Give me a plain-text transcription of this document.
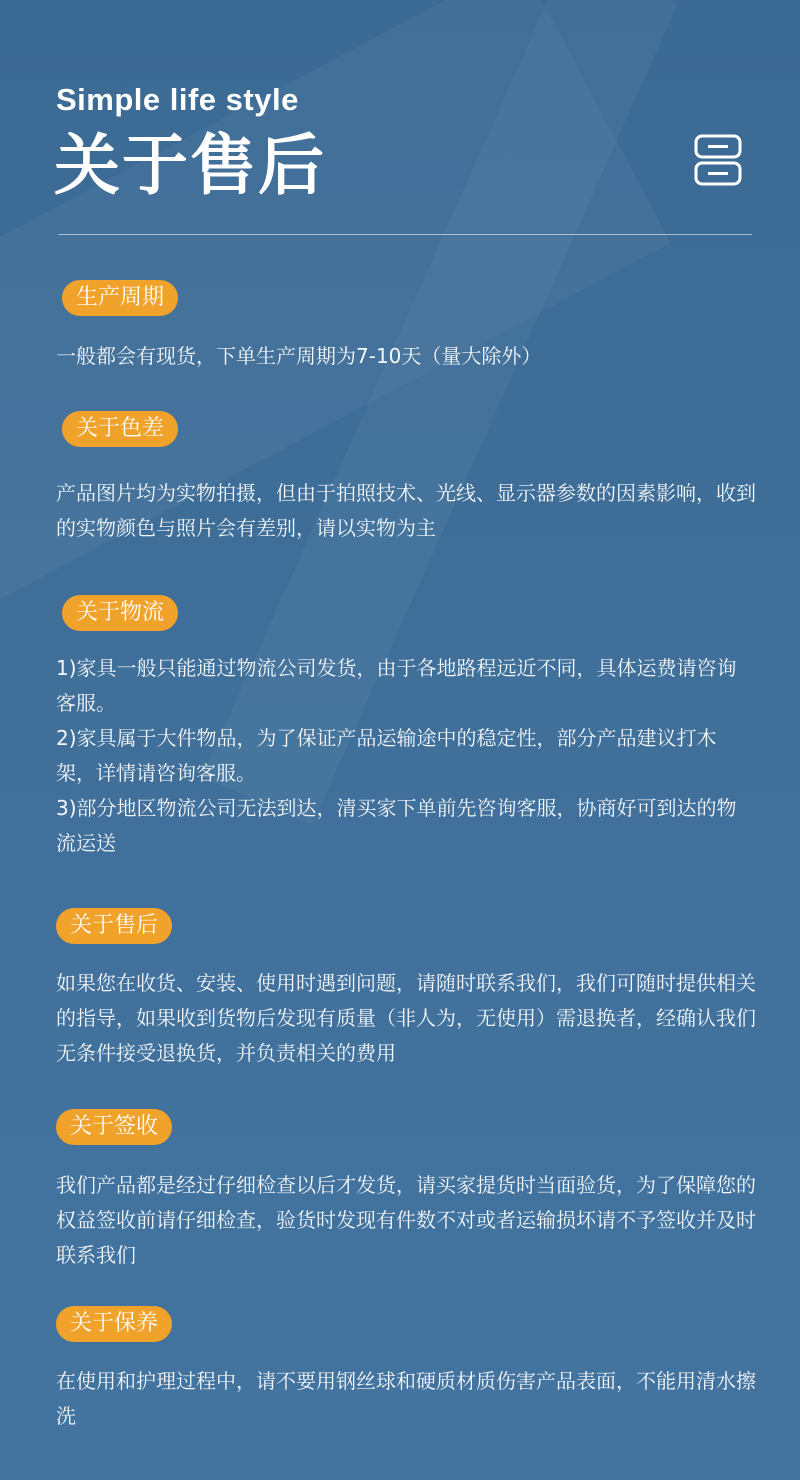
Simple life style

关于售后
生产周期

一般都会有现货，下单生产周期为7-10天（量大除外）

关于色差

产品图片均为实物拍摄，但由于拍照技术、光线、显示器参数的因素影响，收到的实物颜色与照片会有差别，请以实物为主

关于物流

1)家具一般只能通过物流公司发货，由于各地路程远近不同，具体运费请咨询客服。

2)家具属于大件物品，为了保证产品运输途中的稳定性，部分产品建议打木架，详情请咨询客服。

3)部分地区物流公司无法到达，清买家下单前先咨询客服，协商好可到达的物流运送

关于售后

如果您在收货、安装、使用时遇到问题，请随时联系我们，我们可随时提供相关的指导，如果收到货物后发现有质量（非人为，无使用）需退换者，经确认我们无条件接受退换货，并负责相关的费用

关于签收

我们产品都是经过仔细检查以后才发货，请买家提货时当面验货，为了保障您的权益签收前请仔细检查，验货时发现有件数不对或者运输损坏请不予签收并及时联系我们

关于保养

在使用和护理过程中，请不要用钢丝球和硬质材质伤害产品表面，不能用清水擦洗
